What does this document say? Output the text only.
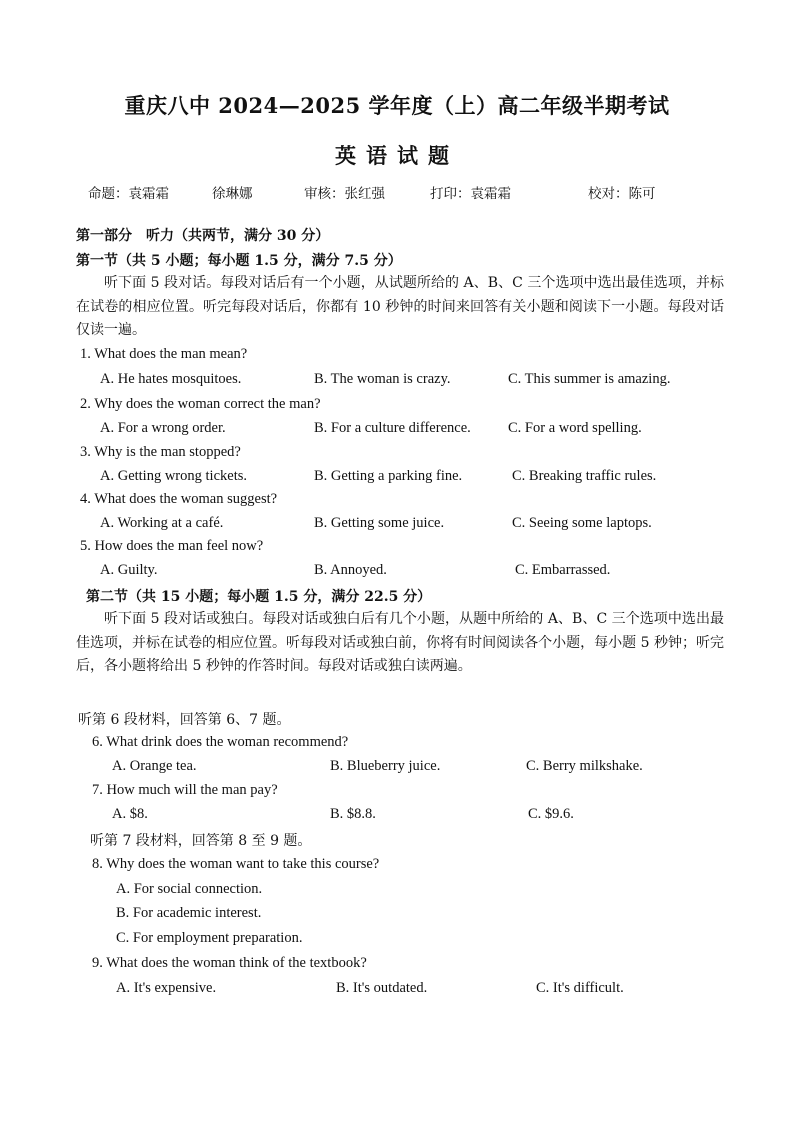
重庆八中 2024—2025 学年度（上）高二年级半期考试
英语试题
命题：袁霜霜	徐琳娜	审核：张红强	打印：袁霜霜	校对：陈可
第一部分　听力（共两节，满分 30 分）
第一节（共 5 小题；每小题 1.5 分，满分 7.5 分）
听下面 5 段对话。每段对话后有一个小题，从试题所给的 A、B、C 三个选项中选出最佳选项，并标在试卷的相应位置。听完每段对话后，你都有 10 秒钟的时间来回答有关小题和阅读下一小题。每段对话仅读一遍。
1. What does the man mean?
A. He hates mosquitoes.	B. The woman is crazy.	C. This summer is amazing.
2. Why does the woman correct the man?
A. For a wrong order.	B. For a culture difference.	C. For a word spelling.
3. Why is the man stopped?
A. Getting wrong tickets.	B. Getting a parking fine.	C. Breaking traffic rules.
4. What does the woman suggest?
A. Working at a café.	B. Getting some juice.	C. Seeing some laptops.
5. How does the man feel now?
A. Guilty.	B. Annoyed.	C. Embarrassed.
第二节（共 15 小题；每小题 1.5 分，满分 22.5 分）
听下面 5 段对话或独白。每段对话或独白后有几个小题，从题中所给的 A、B、C 三个选项中选出最佳选项，并标在试卷的相应位置。听每段对话或独白前，你将有时间阅读各个小题，每小题 5 秒钟；听完后，各小题将给出 5 秒钟的作答时间。每段对话或独白读两遍。
听第 6 段材料，回答第 6、7 题。
6. What drink does the woman recommend?
A. Orange tea.	B. Blueberry juice.	C. Berry milkshake.
7. How much will the man pay?
A. $8.	B. $8.8.	C. $9.6.
听第 7 段材料，回答第 8 至 9 题。
8. Why does the woman want to take this course?
A. For social connection.
B. For academic interest.
C. For employment preparation.
9. What does the woman think of the textbook?
A. It's expensive.	B. It's outdated.	C. It's difficult.
